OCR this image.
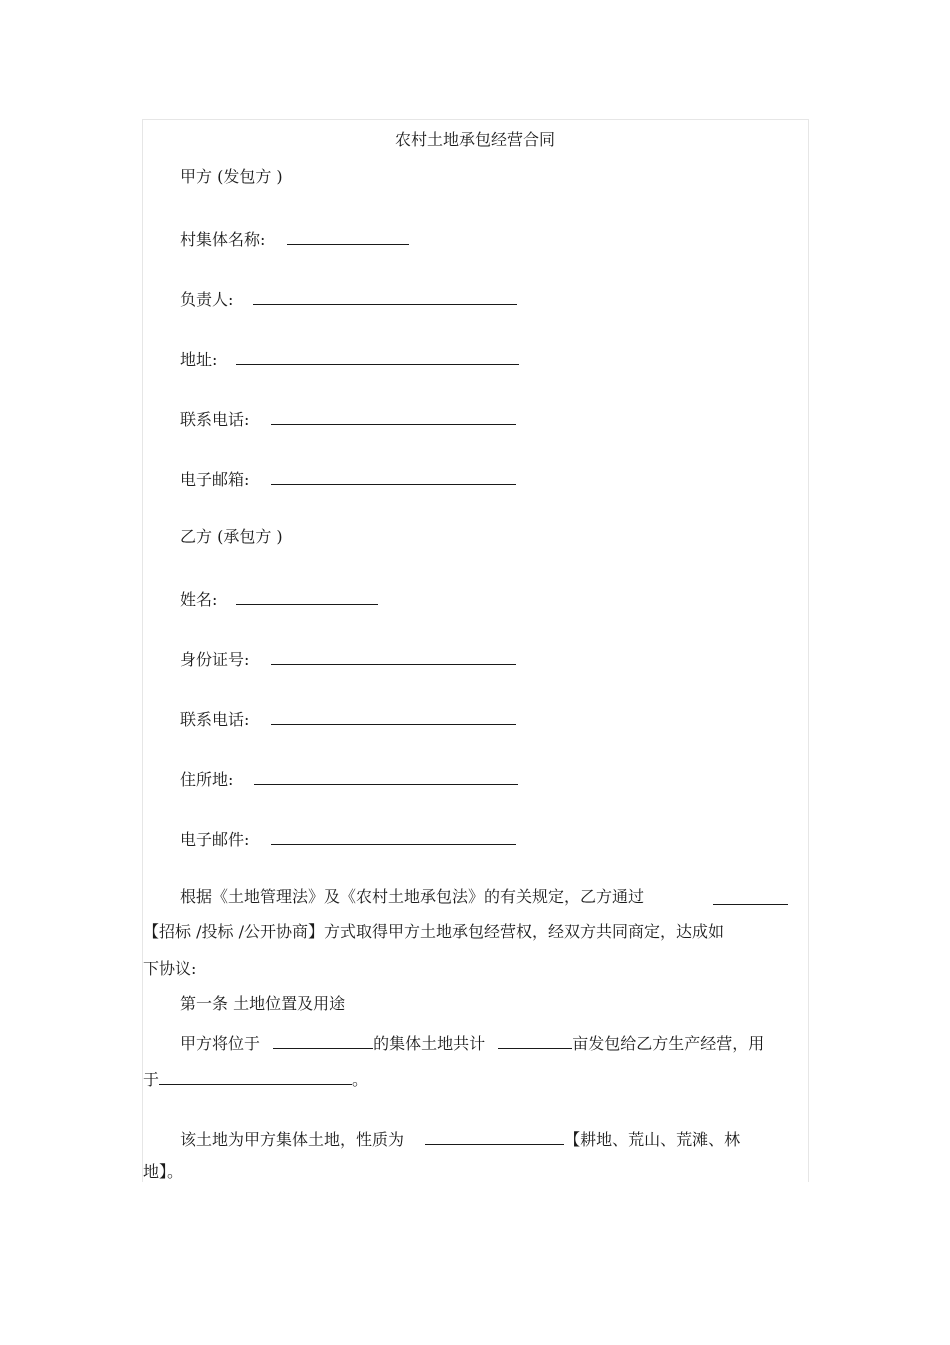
农村土地承包经营合同
甲方 (发包方 )
村集体名称:
负责人:
地址:
联系电话:
电子邮箱:
乙方 (承包方 )
姓名:
身份证号:
联系电话:
住所地:
电子邮件:
根据《土地管理法》及《农村土地承包法》的有关规定，乙方通过
【招标 /投标 /公开协商】方式取得甲方土地承包经营权，经双方共同商定，达成如
下协议:
第一条 土地位置及用途
甲方将位于	的集体土地共计	亩发包给乙方生产经营，用
于	。
该土地为甲方集体土地，性质为	【耕地、荒山、荒滩、林
地】。
